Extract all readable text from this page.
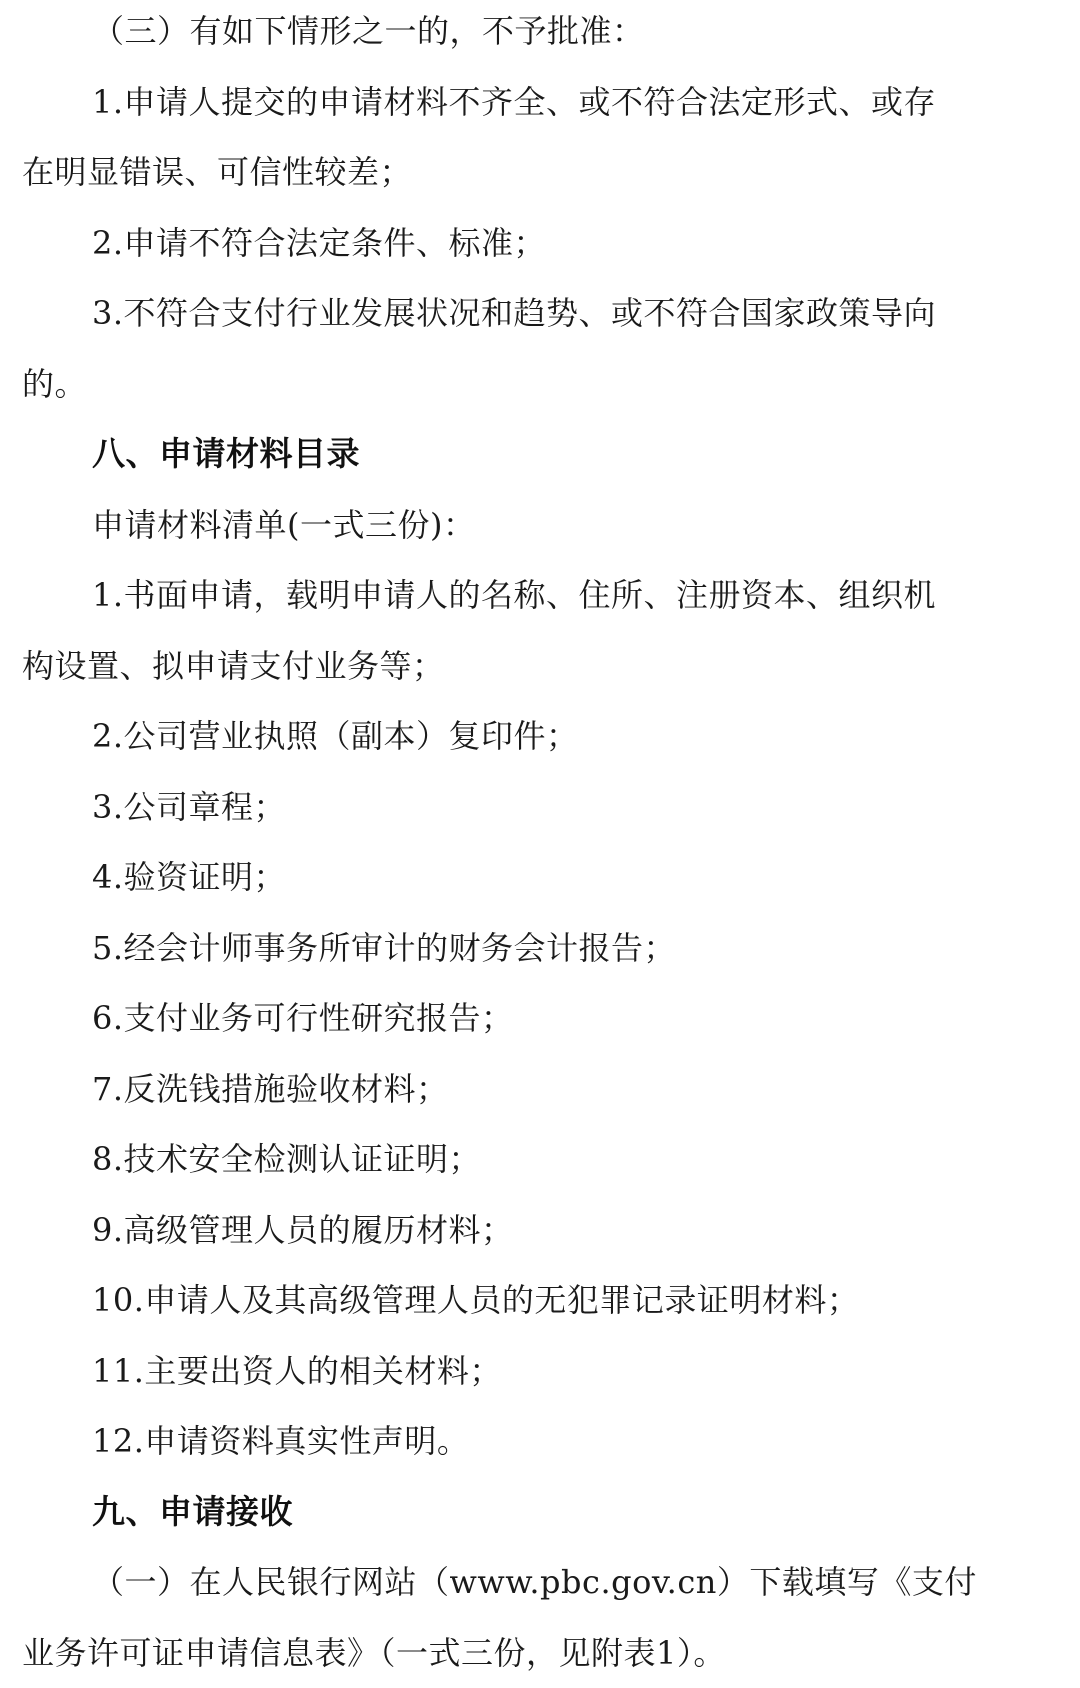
（三）有如下情形之一的，不予批准：
1.申请人提交的申请材料不齐全、或不符合法定形式、或存
在明显错误、可信性较差；
2.申请不符合法定条件、标准；
3.不符合支付行业发展状况和趋势、或不符合国家政策导向
的。
八、申请材料目录
申请材料清单(一式三份)：
1.书面申请，载明申请人的名称、住所、注册资本、组织机
构设置、拟申请支付业务等；
2.公司营业执照（副本）复印件；
3.公司章程；
4.验资证明；
5.经会计师事务所审计的财务会计报告；
6.支付业务可行性研究报告；
7.反洗钱措施验收材料；
8.技术安全检测认证证明；
9.高级管理人员的履历材料；
10.申请人及其高级管理人员的无犯罪记录证明材料；
11.主要出资人的相关材料；
12.申请资料真实性声明。
九、申请接收
（一）在人民银行网站（www.pbc.gov.cn）下载填写《支付
业务许可证申请信息表》（一式三份，见附表1）。
